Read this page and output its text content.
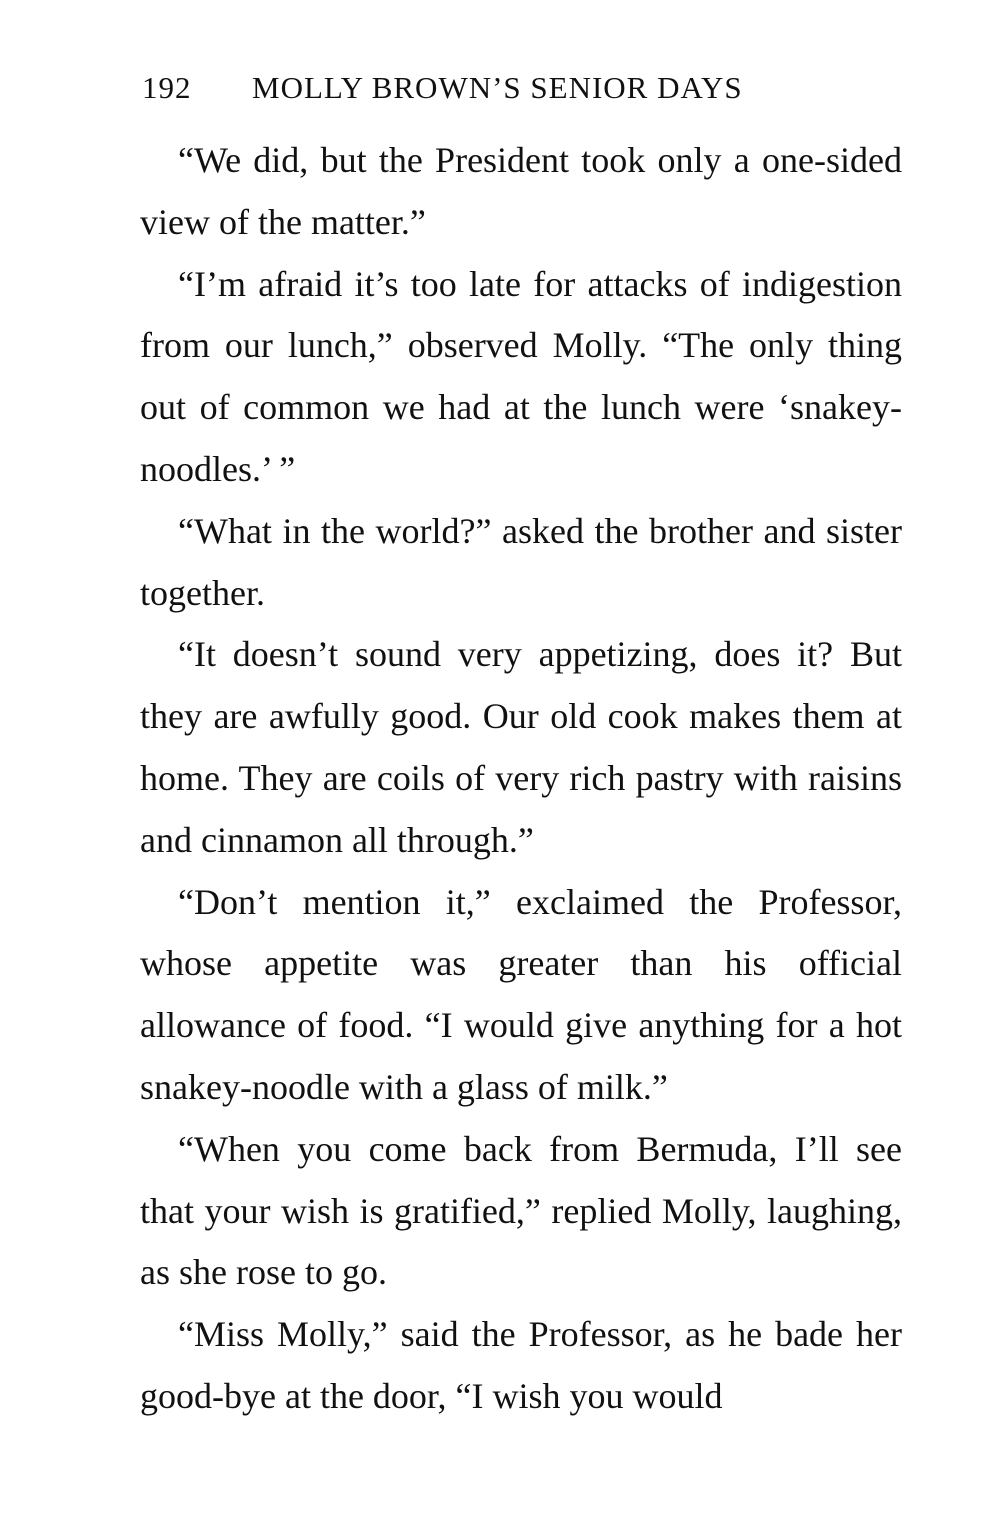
192 MOLLY BROWN’S SENIOR DAYS

“We did, but the President took only a one-sided view of the matter.”

“I’m afraid it’s too late for attacks of indigestion from our lunch,” observed Molly. “The only thing out of common we had at the lunch were ‘snakey-noodles.’ ”

“What in the world?” asked the brother and sister together.

“It doesn’t sound very appetizing, does it? But they are awfully good. Our old cook makes them at home. They are coils of very rich pastry with raisins and cinnamon all through.”

“Don’t mention it,” exclaimed the Professor, whose appetite was greater than his official allowance of food. “I would give anything for a hot snakey-noodle with a glass of milk.”

“When you come back from Bermuda, I’ll see that your wish is gratified,” replied Molly, laughing, as she rose to go.

“Miss Molly,” said the Professor, as he bade her good-bye at the door, “I wish you would
